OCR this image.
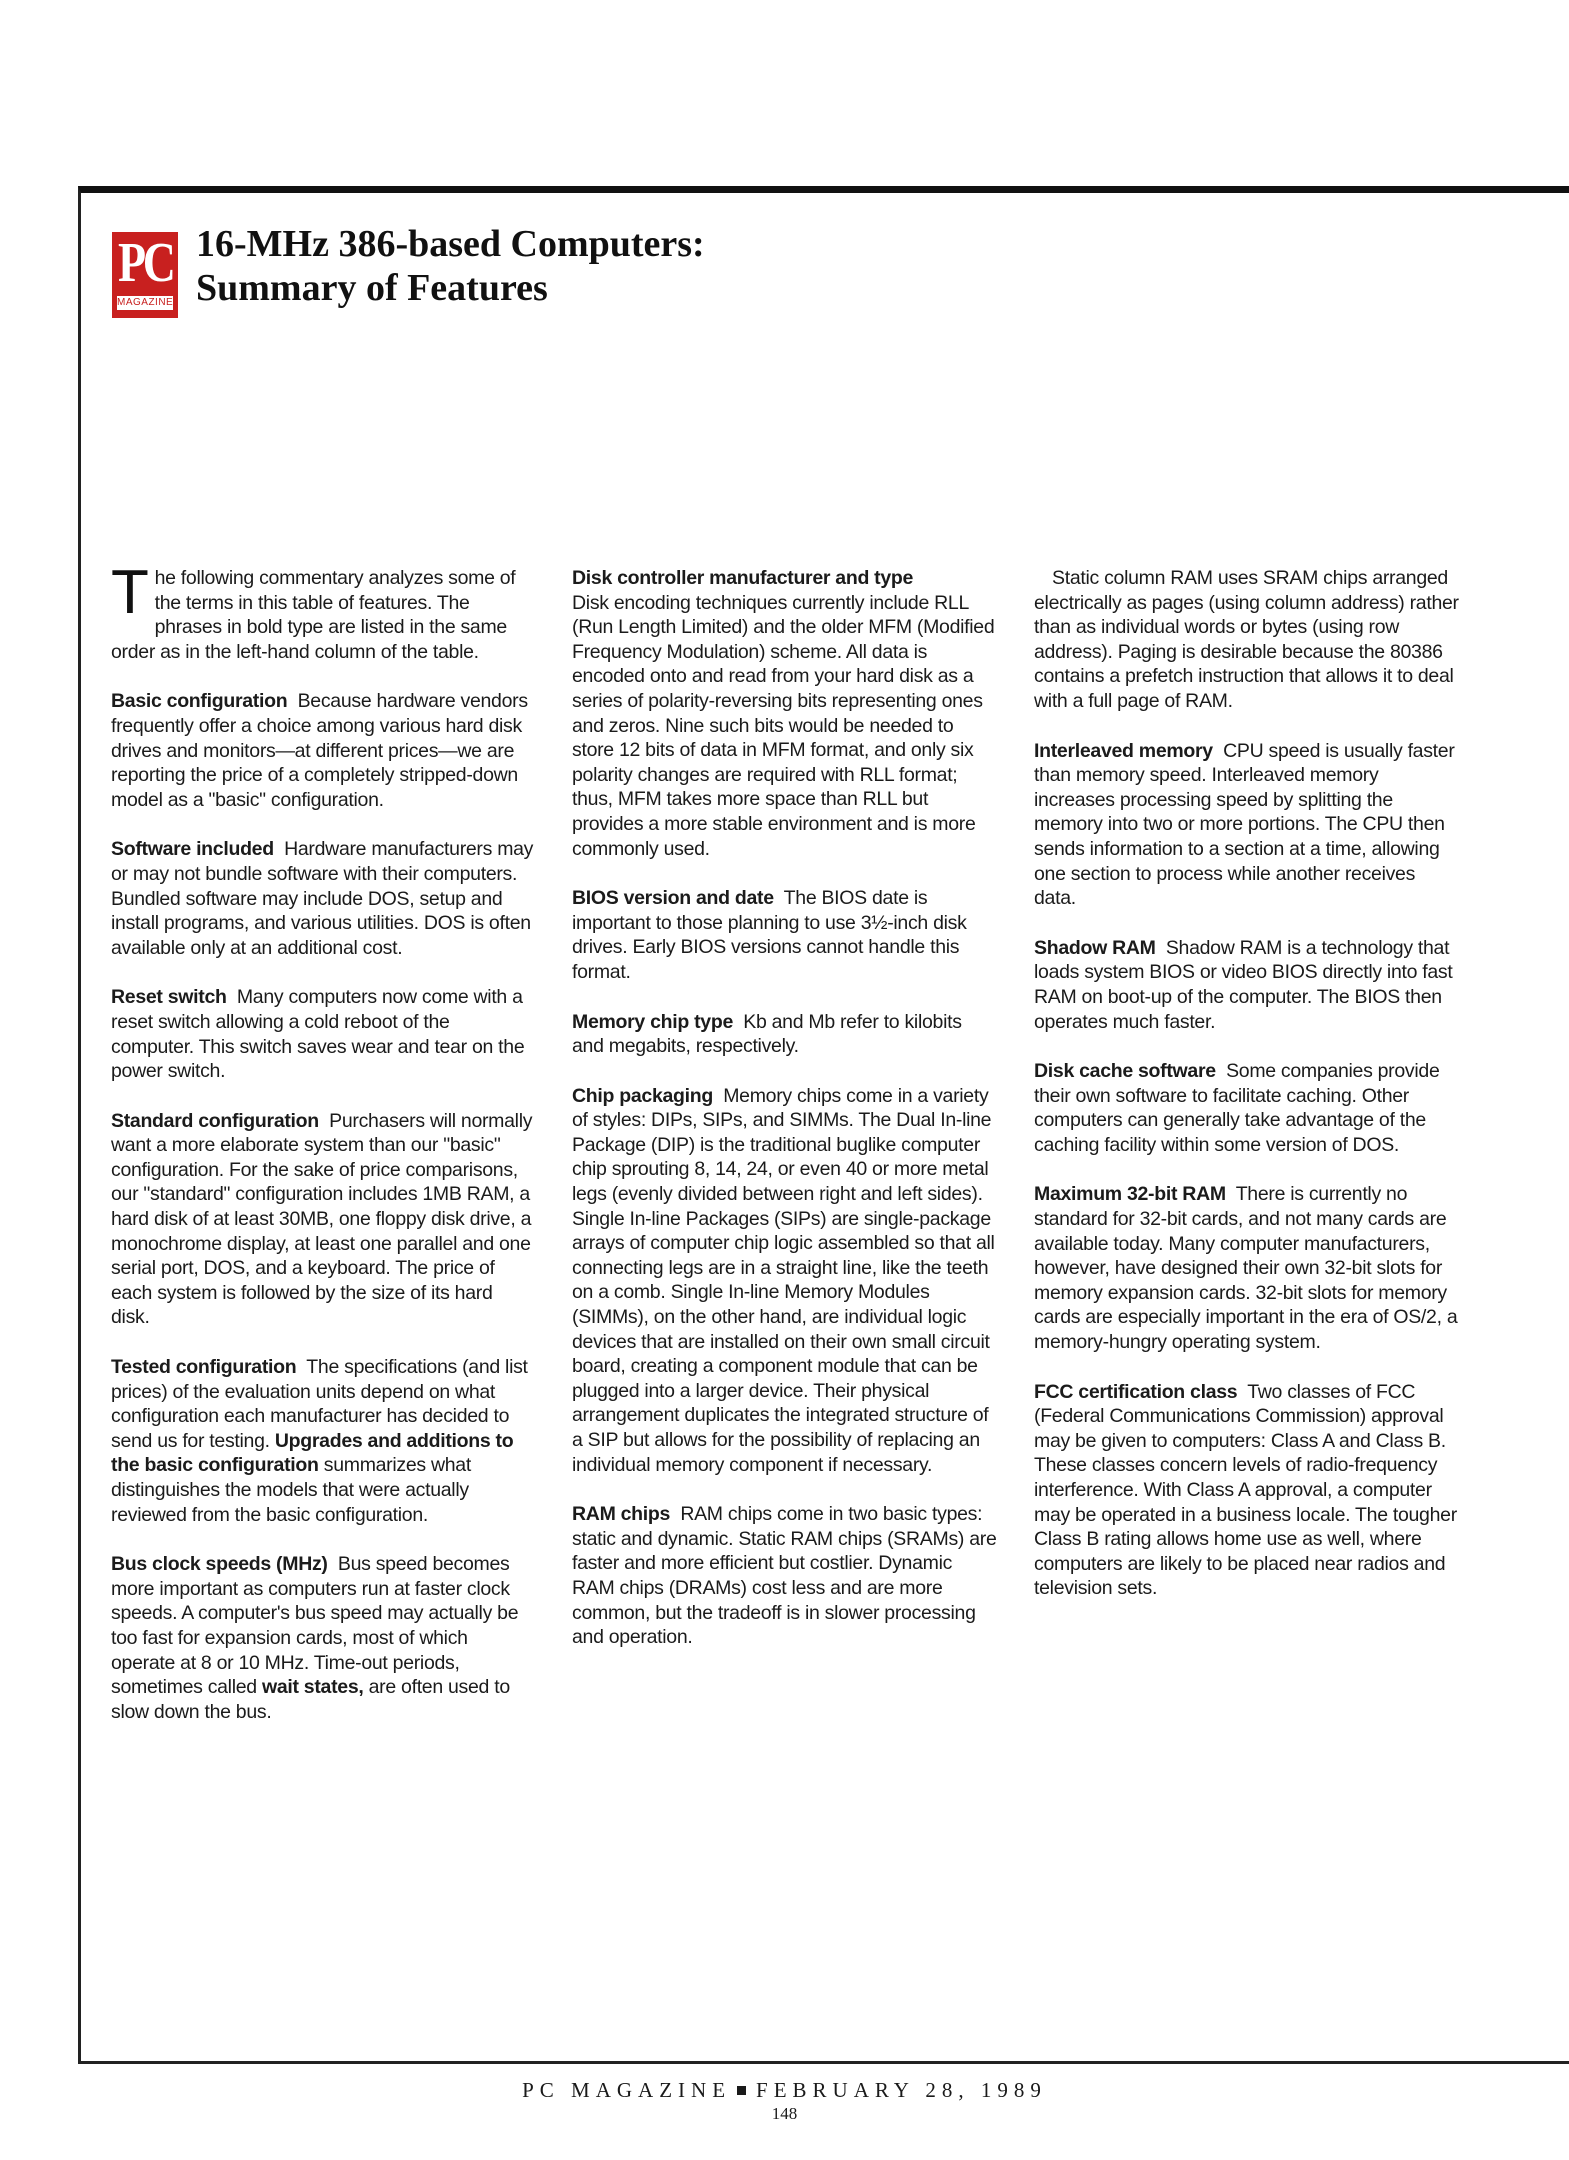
PC
MAGAZINE
16-MHz 386-based Computers:
Summary of Features

The following commentary analyzes some of the terms in this table of features. The phrases in bold type are listed in the same order as in the left-hand column of the table.

Basic configuration Because hardware vendors frequently offer a choice among various hard disk drives and monitors—at different prices—we are reporting the price of a completely stripped-down model as a "basic" configuration.

Software included Hardware manufacturers may or may not bundle software with their computers. Bundled software may include DOS, setup and install programs, and various utilities. DOS is often available only at an additional cost.

Reset switch Many computers now come with a reset switch allowing a cold reboot of the computer. This switch saves wear and tear on the power switch.

Standard configuration Purchasers will normally want a more elaborate system than our "basic" configuration. For the sake of price comparisons, our "standard" configuration includes 1MB RAM, a hard disk of at least 30MB, one floppy disk drive, a monochrome display, at least one parallel and one serial port, DOS, and a keyboard. The price of each system is followed by the size of its hard disk.

Tested configuration The specifications (and list prices) of the evaluation units depend on what configuration each manufacturer has decided to send us for testing. Upgrades and additions to the basic configuration summarizes what distinguishes the models that were actually reviewed from the basic configuration.

Bus clock speeds (MHz) Bus speed becomes more important as computers run at faster clock speeds. A computer's bus speed may actually be too fast for expansion cards, most of which operate at 8 or 10 MHz. Time-out periods, sometimes called wait states, are often used to slow down the bus.

Disk controller manufacturer and type
Disk encoding techniques currently include RLL (Run Length Limited) and the older MFM (Modified Frequency Modulation) scheme. All data is encoded onto and read from your hard disk as a series of polarity-reversing bits representing ones and zeros. Nine such bits would be needed to store 12 bits of data in MFM format, and only six polarity changes are required with RLL format; thus, MFM takes more space than RLL but provides a more stable environment and is more commonly used.

BIOS version and date The BIOS date is important to those planning to use 3½-inch disk drives. Early BIOS versions cannot handle this format.

Memory chip type Kb and Mb refer to kilobits and megabits, respectively.

Chip packaging Memory chips come in a variety of styles: DIPs, SIPs, and SIMMs. The Dual In-line Package (DIP) is the traditional buglike computer chip sprouting 8, 14, 24, or even 40 or more metal legs (evenly divided between right and left sides). Single In-line Packages (SIPs) are single-package arrays of computer chip logic assembled so that all connecting legs are in a straight line, like the teeth on a comb. Single In-line Memory Modules (SIMMs), on the other hand, are individual logic devices that are installed on their own small circuit board, creating a component module that can be plugged into a larger device. Their physical arrangement duplicates the integrated structure of a SIP but allows for the possibility of replacing an individual memory component if necessary.

RAM chips RAM chips come in two basic types: static and dynamic. Static RAM chips (SRAMs) are faster and more efficient but costlier. Dynamic RAM chips (DRAMs) cost less and are more common, but the tradeoff is in slower processing and operation.

Static column RAM uses SRAM chips arranged electrically as pages (using column address) rather than as individual words or bytes (using row address). Paging is desirable because the 80386 contains a prefetch instruction that allows it to deal with a full page of RAM.

Interleaved memory CPU speed is usually faster than memory speed. Interleaved memory increases processing speed by splitting the memory into two or more portions. The CPU then sends information to a section at a time, allowing one section to process while another receives data.

Shadow RAM Shadow RAM is a technology that loads system BIOS or video BIOS directly into fast RAM on boot-up of the computer. The BIOS then operates much faster.

Disk cache software Some companies provide their own software to facilitate caching. Other computers can generally take advantage of the caching facility within some version of DOS.

Maximum 32-bit RAM There is currently no standard for 32-bit cards, and not many cards are available today. Many computer manufacturers, however, have designed their own 32-bit slots for memory expansion cards. 32-bit slots for memory cards are especially important in the era of OS/2, a memory-hungry operating system.

FCC certification class Two classes of FCC (Federal Communications Commission) approval may be given to computers: Class A and Class B. These classes concern levels of radio-frequency interference. With Class A approval, a computer may be operated in a business locale. The tougher Class B rating allows home use as well, where computers are likely to be placed near radios and television sets.

PC MAGAZINE FEBRUARY 28, 1989
148
